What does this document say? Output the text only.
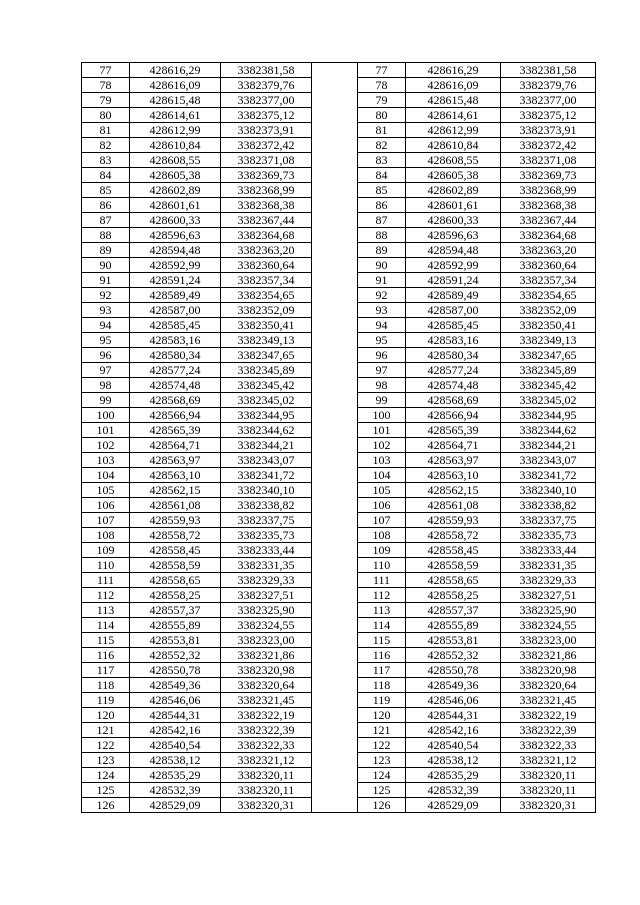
77	428616,29	3382381,58		77	428616,29	3382381,58
78	428616,09	3382379,76		78	428616,09	3382379,76
79	428615,48	3382377,00		79	428615,48	3382377,00
80	428614,61	3382375,12		80	428614,61	3382375,12
81	428612,99	3382373,91		81	428612,99	3382373,91
82	428610,84	3382372,42		82	428610,84	3382372,42
83	428608,55	3382371,08		83	428608,55	3382371,08
84	428605,38	3382369,73		84	428605,38	3382369,73
85	428602,89	3382368,99		85	428602,89	3382368,99
86	428601,61	3382368,38		86	428601,61	3382368,38
87	428600,33	3382367,44		87	428600,33	3382367,44
88	428596,63	3382364,68		88	428596,63	3382364,68
89	428594,48	3382363,20		89	428594,48	3382363,20
90	428592,99	3382360,64		90	428592,99	3382360,64
91	428591,24	3382357,34		91	428591,24	3382357,34
92	428589,49	3382354,65		92	428589,49	3382354,65
93	428587,00	3382352,09		93	428587,00	3382352,09
94	428585,45	3382350,41		94	428585,45	3382350,41
95	428583,16	3382349,13		95	428583,16	3382349,13
96	428580,34	3382347,65		96	428580,34	3382347,65
97	428577,24	3382345,89		97	428577,24	3382345,89
98	428574,48	3382345,42		98	428574,48	3382345,42
99	428568,69	3382345,02		99	428568,69	3382345,02
100	428566,94	3382344,95		100	428566,94	3382344,95
101	428565,39	3382344,62		101	428565,39	3382344,62
102	428564,71	3382344,21		102	428564,71	3382344,21
103	428563,97	3382343,07		103	428563,97	3382343,07
104	428563,10	3382341,72		104	428563,10	3382341,72
105	428562,15	3382340,10		105	428562,15	3382340,10
106	428561,08	3382338,82		106	428561,08	3382338,82
107	428559,93	3382337,75		107	428559,93	3382337,75
108	428558,72	3382335,73		108	428558,72	3382335,73
109	428558,45	3382333,44		109	428558,45	3382333,44
110	428558,59	3382331,35		110	428558,59	3382331,35
111	428558,65	3382329,33		111	428558,65	3382329,33
112	428558,25	3382327,51		112	428558,25	3382327,51
113	428557,37	3382325,90		113	428557,37	3382325,90
114	428555,89	3382324,55		114	428555,89	3382324,55
115	428553,81	3382323,00		115	428553,81	3382323,00
116	428552,32	3382321,86		116	428552,32	3382321,86
117	428550,78	3382320,98		117	428550,78	3382320,98
118	428549,36	3382320,64		118	428549,36	3382320,64
119	428546,06	3382321,45		119	428546,06	3382321,45
120	428544,31	3382322,19		120	428544,31	3382322,19
121	428542,16	3382322,39		121	428542,16	3382322,39
122	428540,54	3382322,33		122	428540,54	3382322,33
123	428538,12	3382321,12		123	428538,12	3382321,12
124	428535,29	3382320,11		124	428535,29	3382320,11
125	428532,39	3382320,11		125	428532,39	3382320,11
126	428529,09	3382320,31		126	428529,09	3382320,31
